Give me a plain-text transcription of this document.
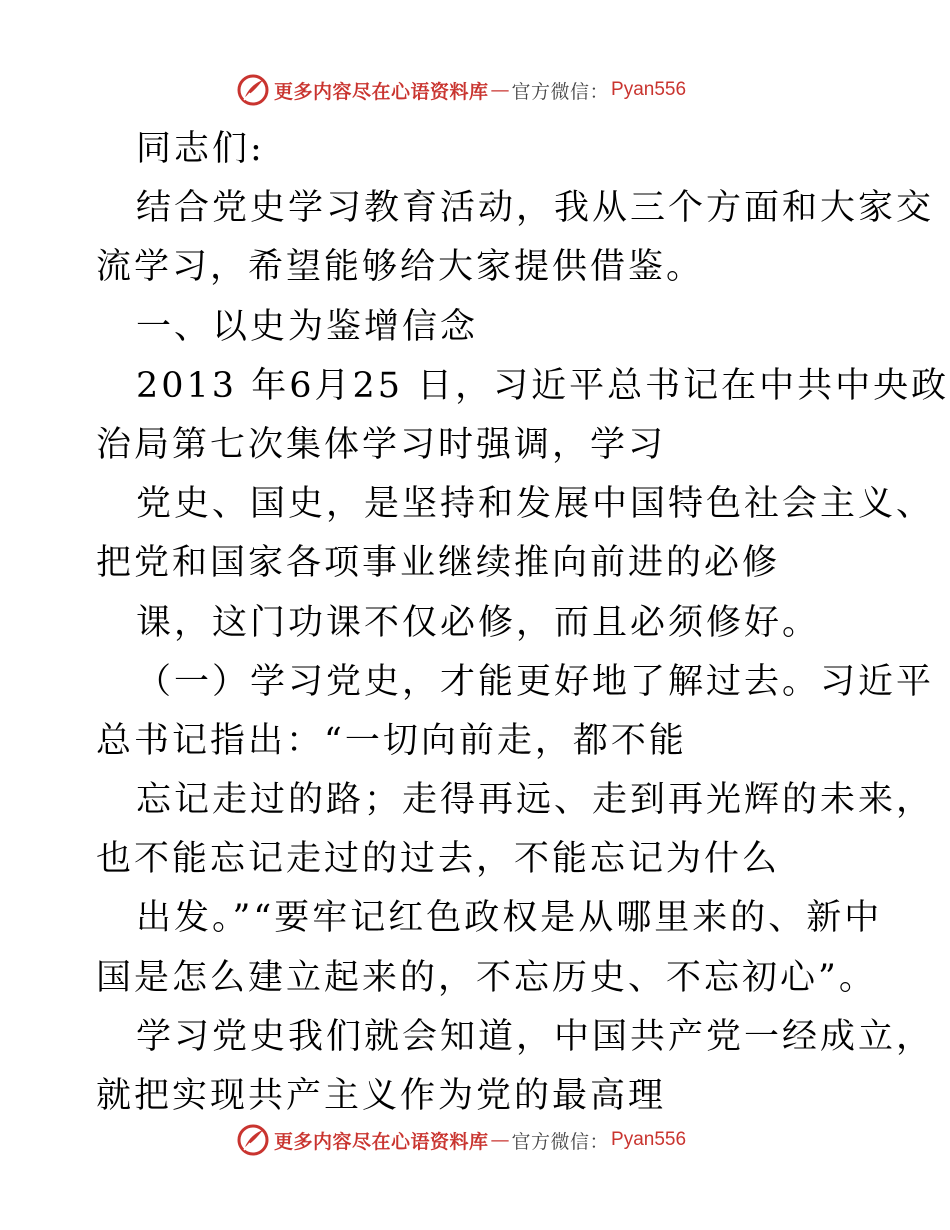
更多内容尽在心语资料库 — 官方微信： Pyan556
同志们:
结合党史学习教育活动，我从三个方面和大家交
流学习，希望能够给大家提供借鉴。
一、以史为鉴增信念
2013 年6月25 日，习近平总书记在中共中央政
治局第七次集体学习时强调，学习
党史、国史，是坚持和发展中国特色社会主义、
把党和国家各项事业继续推向前进的必修
课，这门功课不仅必修，而且必须修好。
（一）学习党史，才能更好地了解过去。习近平
总书记指出：“一切向前走，都不能
忘记走过的路；走得再远、走到再光辉的未来，
也不能忘记走过的过去，不能忘记为什么
出发。”“要牢记红色政权是从哪里来的、新中
国是怎么建立起来的，不忘历史、不忘初心”。
学习党史我们就会知道，中国共产党一经成立，
就把实现共产主义作为党的最高理
更多内容尽在心语资料库 — 官方微信： Pyan556
